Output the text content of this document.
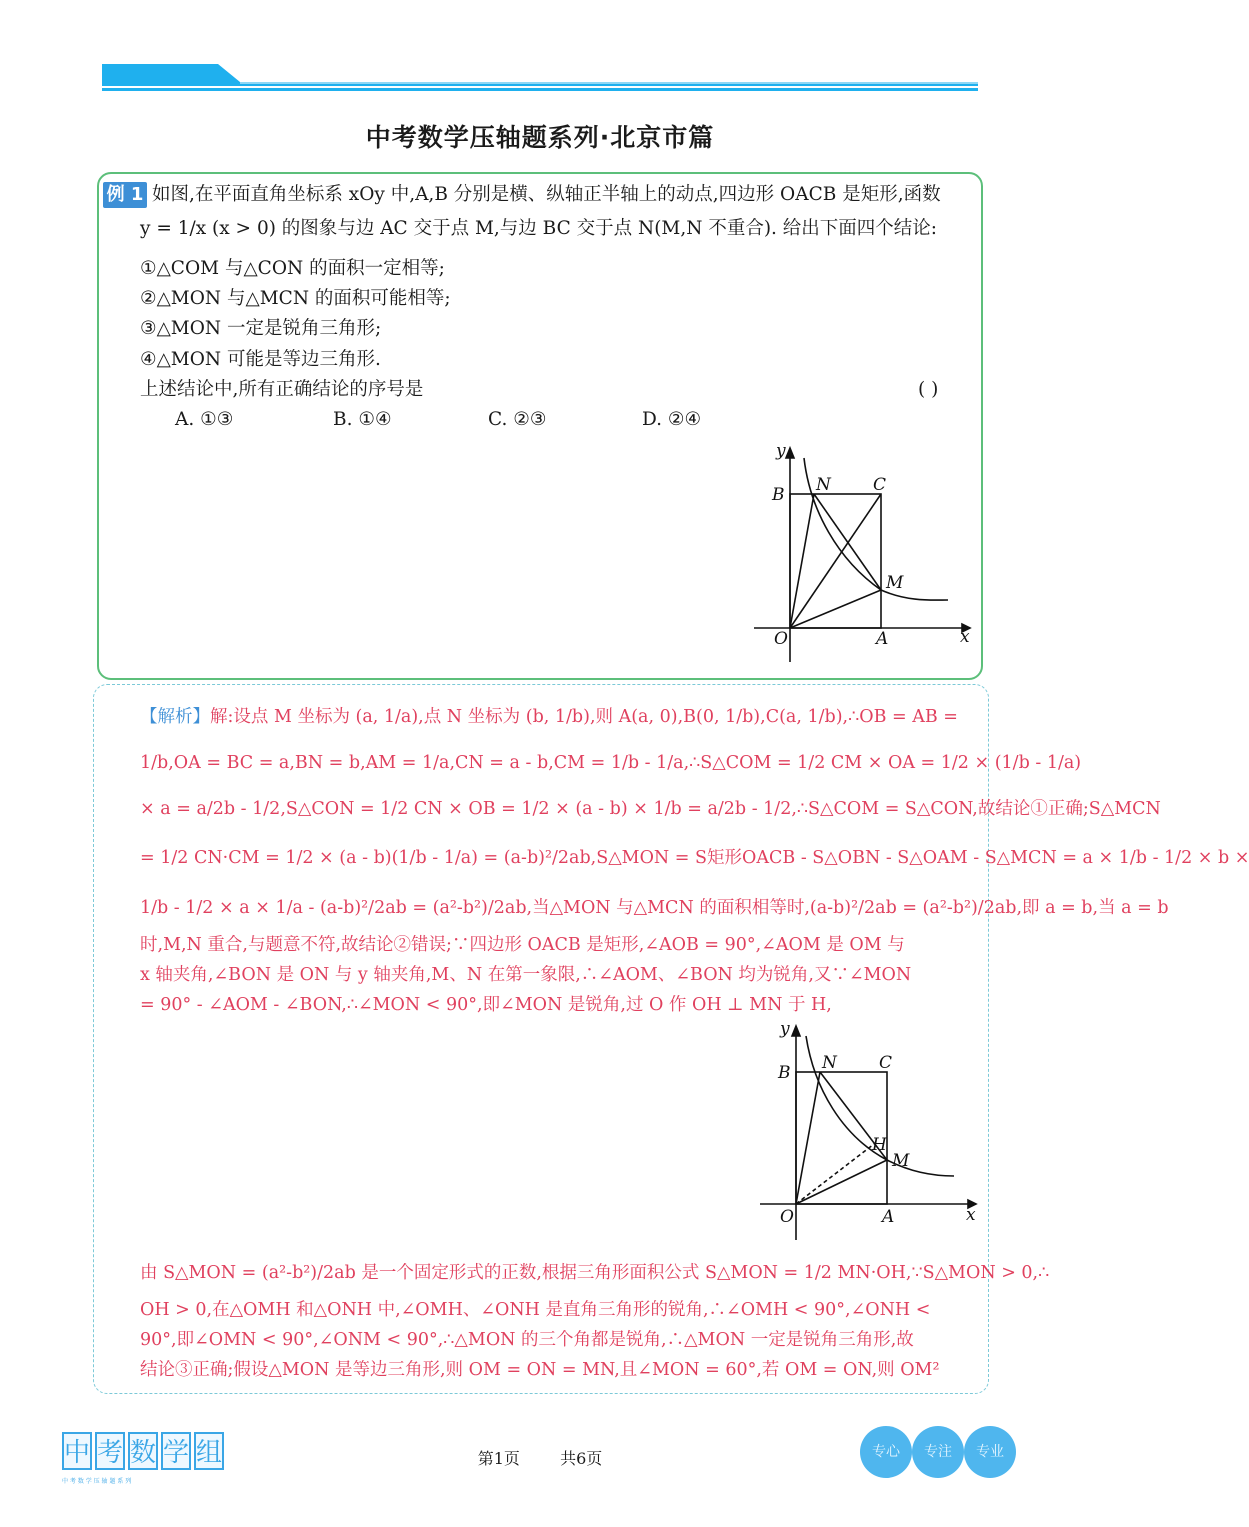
中考数学压轴题系列·北京市篇
例 1 如图,在平面直角坐标系 xOy 中,A,B 分别是横、纵轴正半轴上的动点,四边形 OACB 是矩形,函数
y = 1/x (x > 0) 的图象与边 AC 交于点 M,与边 BC 交于点 N(M,N 不重合). 给出下面四个结论:
①△COM 与△CON 的面积一定相等;
②△MON 与△MCN 的面积可能相等;
③△MON 一定是锐角三角形;
④△MON 可能是等边三角形.
上述结论中,所有正确结论的序号是	( )
A. ①③	B. ①④	C. ②③	D. ②④
y
x
O	A
B	C
M
N
【解析】解:设点 M 坐标为 (a, 1/a),点 N 坐标为 (b, 1/b),则 A(a, 0),B(0, 1/b),C(a, 1/b),∴OB = AB =
1/b,OA = BC = a,BN = b,AM = 1/a,CN = a - b,CM = 1/b - 1/a,∴S△COM = 1/2 CM × OA = 1/2 × (1/b - 1/a)
× a = a/2b - 1/2,S△CON = 1/2 CN × OB = 1/2 × (a - b) × 1/b = a/2b - 1/2,∴S△COM = S△CON,故结论①正确;S△MCN
= 1/2 CN·CM = 1/2 × (a - b)(1/b - 1/a) = (a-b)²/2ab,S△MON = S矩形OACB - S△OBN - S△OAM - S△MCN = a × 1/b - 1/2 × b ×
1/b - 1/2 × a × 1/a - (a-b)²/2ab = (a²-b²)/2ab,当△MON 与△MCN 的面积相等时,(a-b)²/2ab = (a²-b²)/2ab,即 a = b,当 a = b
时,M,N 重合,与题意不符,故结论②错误;∵四边形 OACB 是矩形,∠AOB = 90°,∠AOM 是 OM 与
x 轴夹角,∠BON 是 ON 与 y 轴夹角,M、N 在第一象限,∴∠AOM、∠BON 均为锐角,又∵∠MON
= 90° - ∠AOM - ∠BON,∴∠MON < 90°,即∠MON 是锐角,过 O 作 OH ⊥ MN 于 H,
y
x
O	A
B	C
M
N
H
由 S△MON = (a²-b²)/2ab 是一个固定形式的正数,根据三角形面积公式 S△MON = 1/2 MN·OH,∵S△MON > 0,∴
OH > 0,在△OMH 和△ONH 中,∠OMH、∠ONH 是直角三角形的锐角,∴∠OMH < 90°,∠ONH <
90°,即∠OMN < 90°,∠ONM < 90°,∴△MON 的三个角都是锐角,∴△MON 一定是锐角三角形,故
结论③正确;假设△MON 是等边三角形,则 OM = ON = MN,且∠MON = 60°,若 OM = ON,则 OM²
中 考 数 学 组
中 考 数 学 压 轴 题 系 列
第1页	共6页	专心	专注	专业
